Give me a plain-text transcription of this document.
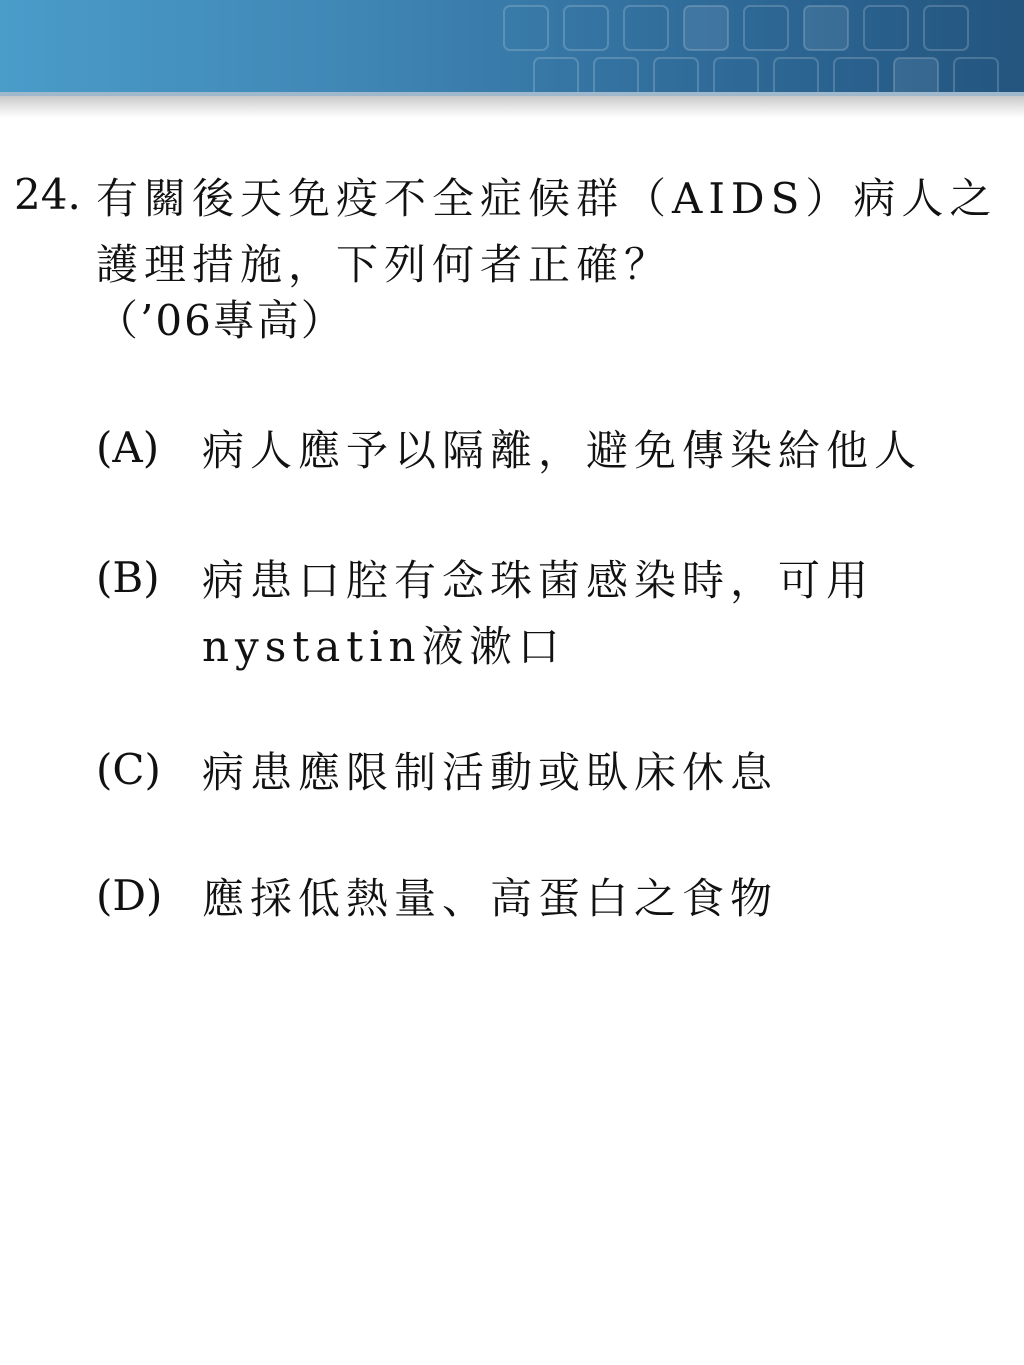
24. 有關後天免疫不全症候群（AIDS）病人之護理措施，下列何者正確？
（’06專高）
(A) 病人應予以隔離，避免傳染給他人
(B) 病患口腔有念珠菌感染時，可用nystatin液漱口
(C) 病患應限制活動或臥床休息
(D) 應採低熱量、高蛋白之食物
